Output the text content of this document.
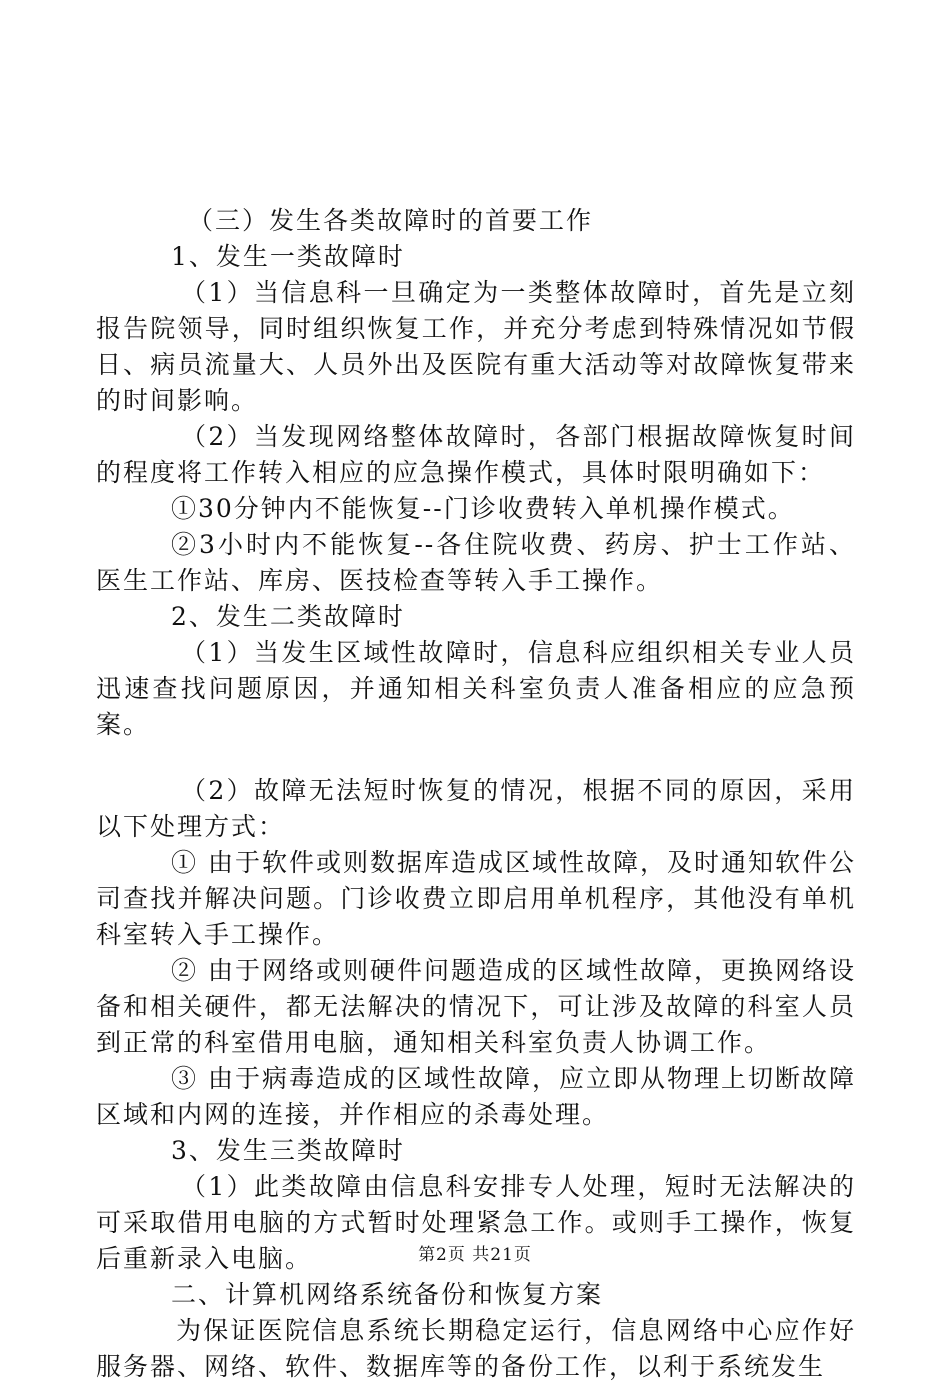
（三）发生各类故障时的首要工作

1、发生一类故障时

（1）当信息科一旦确定为一类整体故障时，首先是立刻报告院领导，同时组织恢复工作，并充分考虑到特殊情况如节假日、病员流量大、人员外出及医院有重大活动等对故障恢复带来的时间影响。

（2）当发现网络整体故障时，各部门根据故障恢复时间的程度将工作转入相应的应急操作模式，具体时限明确如下：

①30分钟内不能恢复--门诊收费转入单机操作模式。

②3小时内不能恢复--各住院收费、药房、护士工作站、医生工作站、库房、医技检查等转入手工操作。

2、发生二类故障时

（1）当发生区域性故障时，信息科应组织相关专业人员迅速查找问题原因，并通知相关科室负责人准备相应的应急预案。

（2）故障无法短时恢复的情况，根据不同的原因，采用以下处理方式：

① 由于软件或则数据库造成区域性故障，及时通知软件公司查找并解决问题。门诊收费立即启用单机程序，其他没有单机科室转入手工操作。

② 由于网络或则硬件问题造成的区域性故障，更换网络设备和相关硬件，都无法解决的情况下，可让涉及故障的科室人员到正常的科室借用电脑，通知相关科室负责人协调工作。

③ 由于病毒造成的区域性故障，应立即从物理上切断故障区域和内网的连接，并作相应的杀毒处理。

3、发生三类故障时

（1）此类故障由信息科安排专人处理，短时无法解决的可采取借用电脑的方式暂时处理紧急工作。或则手工操作，恢复后重新录入电脑。

二、计算机网络系统备份和恢复方案

为保证医院信息系统长期稳定运行，信息网络中心应作好服务器、网络、软件、数据库等的备份工作，以利于系统发生

第2页 共21页
